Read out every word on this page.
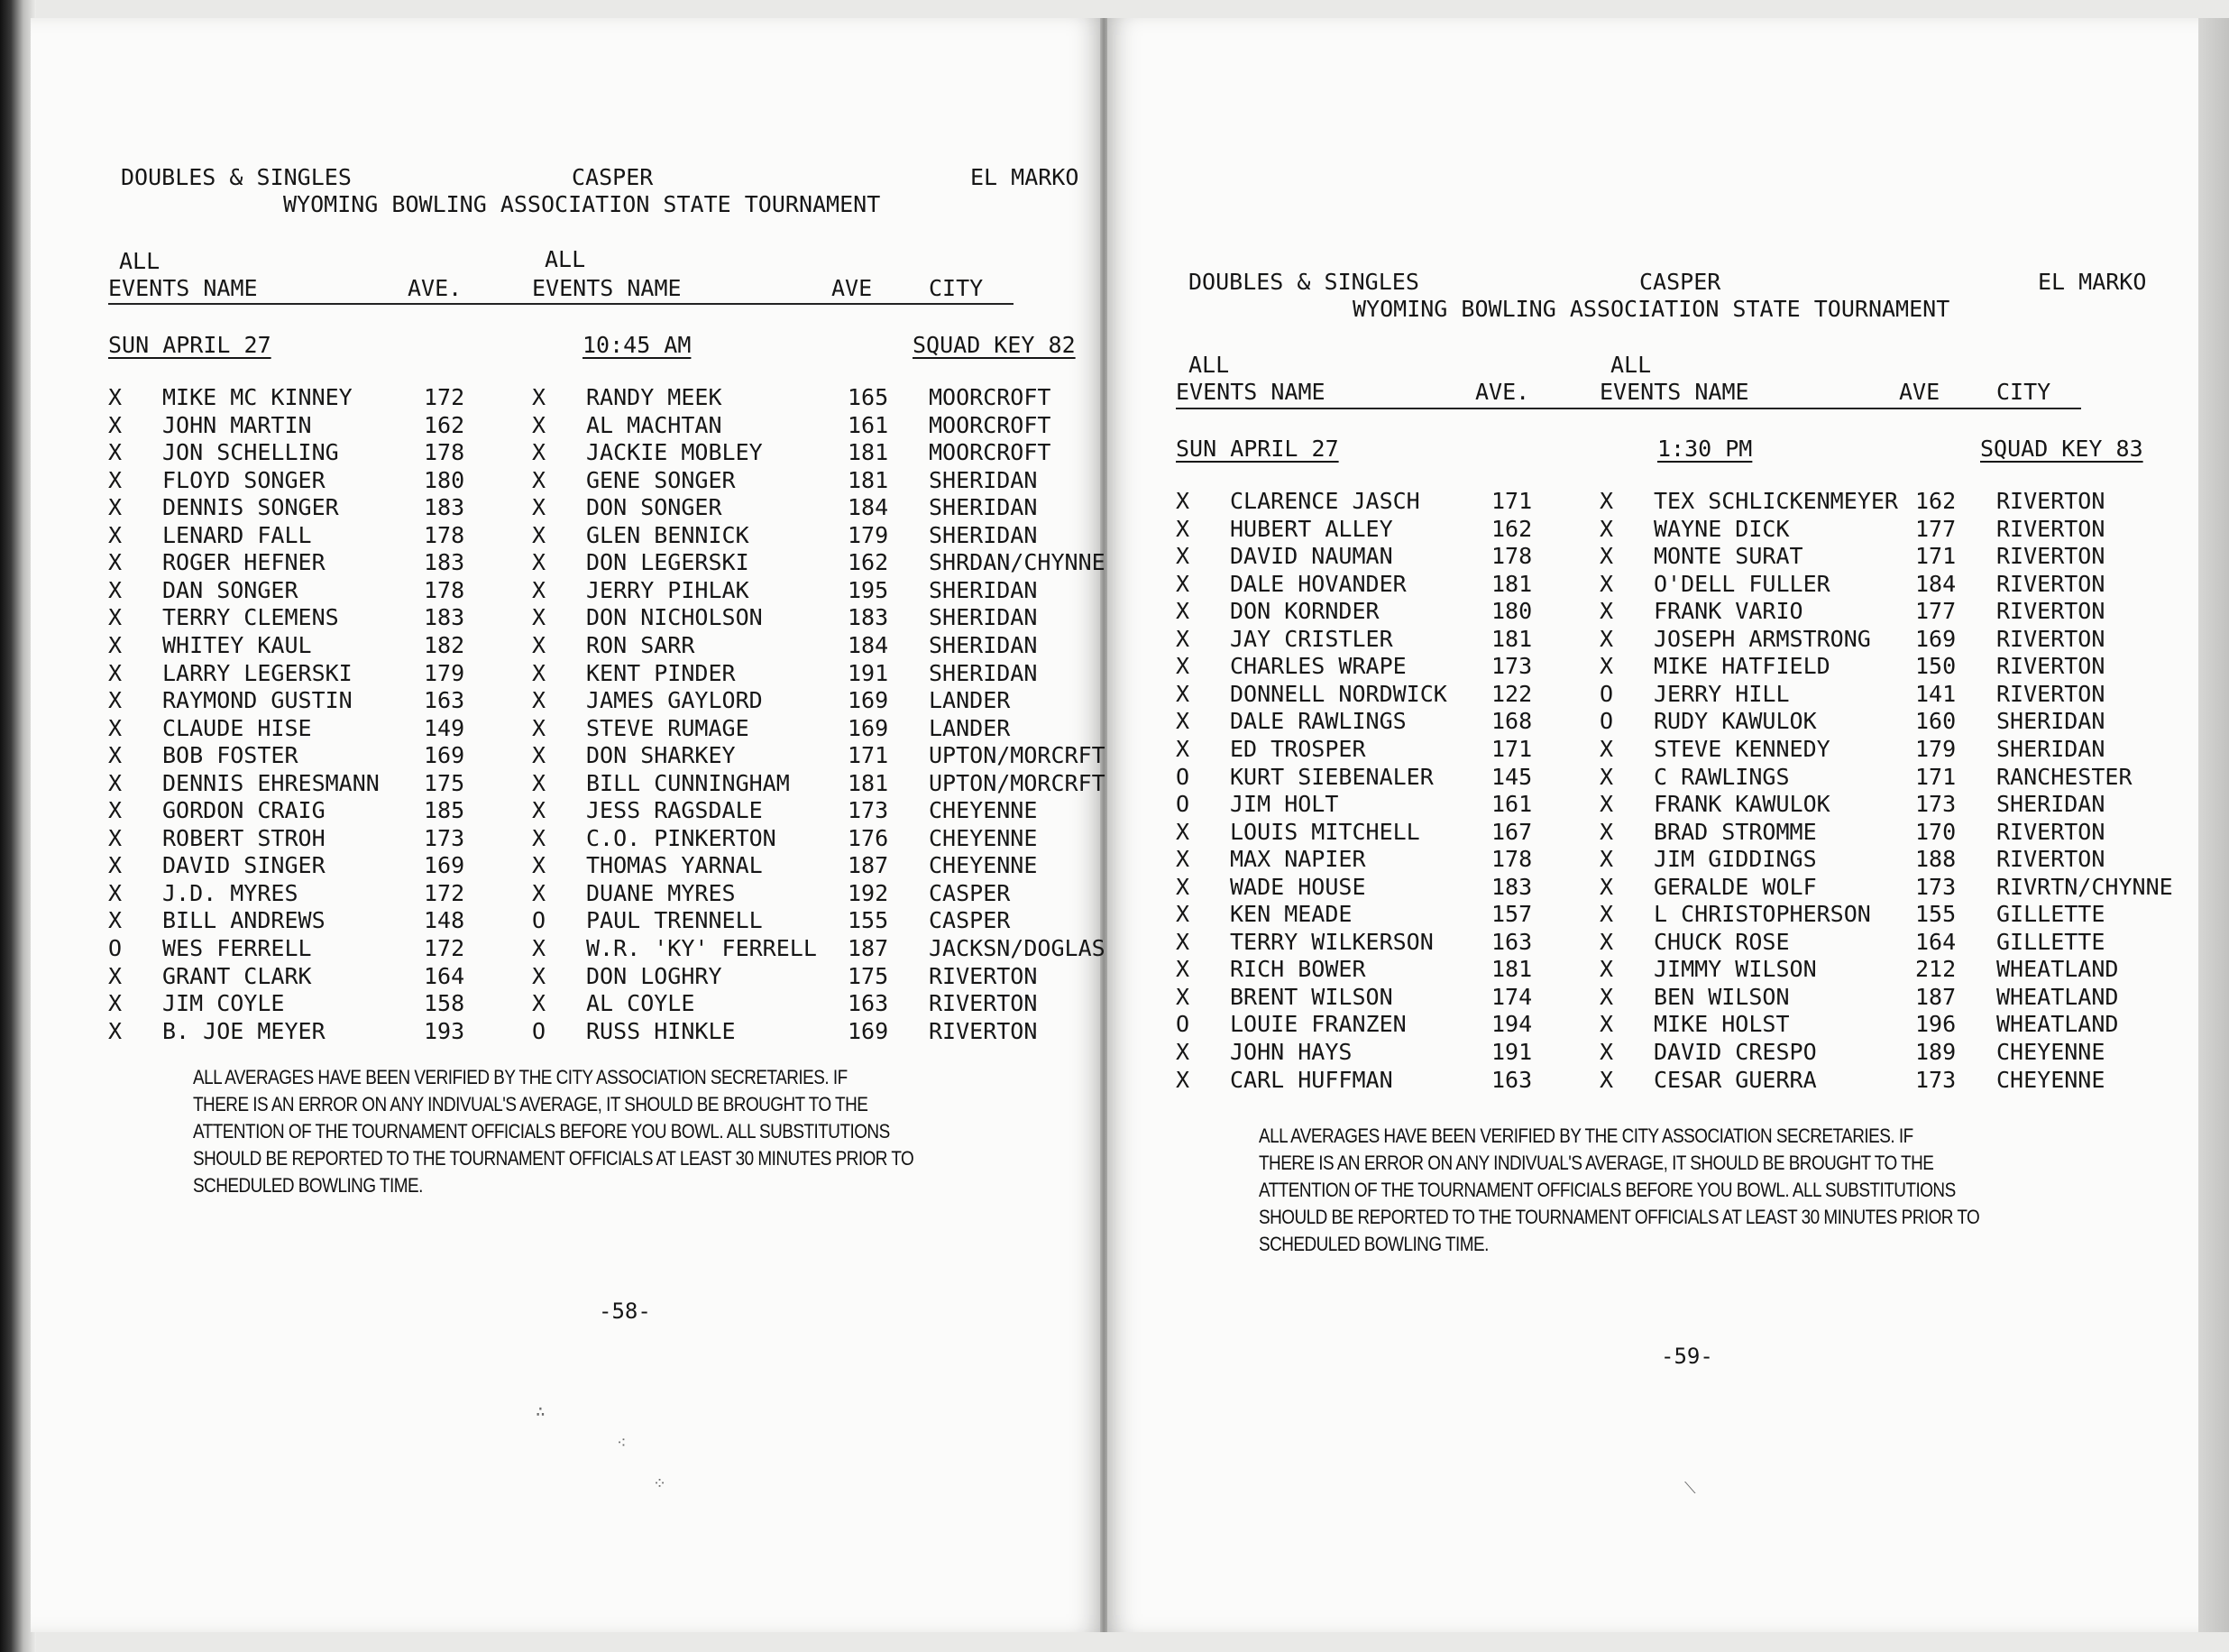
DOUBLES & SINGLES	CASPER	EL MARKO
WYOMING BOWLING ASSOCIATION STATE TOURNAMENT
ALL	ALL
EVENTS NAME	AVE.	EVENTS NAME	AVE	CITY
SUN APRIL 27	10:45 AM	SQUAD KEY 82
X MIKE MC KINNEY	172	X RANDY MEEK	165 MOORCROFT
X JOHN MARTIN	162	X AL MACHTAN	161 MOORCROFT
X JON SCHELLING	178	X JACKIE MOBLEY	181 MOORCROFT
X FLOYD SONGER	180	X GENE SONGER	181 SHERIDAN
X DENNIS SONGER	183	X DON SONGER	184 SHERIDAN
X LENARD FALL	178	X GLEN BENNICK	179 SHERIDAN
X ROGER HEFNER	183	X DON LEGERSKI	162 SHRDAN/CHYNNE
X DAN SONGER	178	X JERRY PIHLAK	195 SHERIDAN
X TERRY CLEMENS	183	X DON NICHOLSON	183 SHERIDAN
X WHITEY KAUL	182	X RON SARR	184 SHERIDAN
X LARRY LEGERSKI	179	X KENT PINDER	191 SHERIDAN
X RAYMOND GUSTIN	163	X JAMES GAYLORD	169 LANDER
X CLAUDE HISE	149	X STEVE RUMAGE	169 LANDER
X BOB FOSTER	169	X DON SHARKEY	171 UPTON/MORCRFT
X DENNIS EHRESMANN 175	X BILL CUNNINGHAM	181 UPTON/MORCRFT
X GORDON CRAIG	185	X JESS RAGSDALE	173 CHEYENNE
X ROBERT STROH	173	X C.O. PINKERTON	176 CHEYENNE
X DAVID SINGER	169	X THOMAS YARNAL	187 CHEYENNE
X J.D. MYRES	172	X DUANE MYRES	192 CASPER
X BILL ANDREWS	148	O PAUL TRENNELL	155 CASPER
O WES FERRELL	172	X W.R. 'KY' FERRELL 187 JACKSN/DOGLAS
X GRANT CLARK	164	X DON LOGHRY	175 RIVERTON
X JIM COYLE	158	X AL COYLE	163 RIVERTON
X B. JOE MEYER	193	O RUSS HINKLE	169 RIVERTON
ALL AVERAGES HAVE BEEN VERIFIED BY THE CITY ASSOCIATION SECRETARIES. IF
THERE IS AN ERROR ON ANY INDIVUAL'S AVERAGE, IT SHOULD BE BROUGHT TO THE
ATTENTION OF THE TOURNAMENT OFFICIALS BEFORE YOU BOWL. ALL SUBSTITUTIONS
SHOULD BE REPORTED TO THE TOURNAMENT OFFICIALS AT LEAST 30 MINUTES PRIOR TO
SCHEDULED BOWLING TIME.
-58-
∴
⁖
⁘
DOUBLES & SINGLES	CASPER	EL MARKO
WYOMING BOWLING ASSOCIATION STATE TOURNAMENT
ALL	ALL
EVENTS NAME	AVE.	EVENTS NAME	AVE	CITY
SUN APRIL 27	1:30 PM	SQUAD KEY 83
X CLARENCE JASCH	171	X TEX SCHLICKENMEYER 162 RIVERTON
X HUBERT ALLEY	162	X WAYNE DICK	177 RIVERTON
X DAVID NAUMAN	178	X MONTE SURAT	171 RIVERTON
X DALE HOVANDER	181	X O'DELL FULLER	184 RIVERTON
X DON KORNDER	180	X FRANK VARIO	177 RIVERTON
X JAY CRISTLER	181	X JOSEPH ARMSTRONG 169 RIVERTON
X CHARLES WRAPE	173	X MIKE HATFIELD	150 RIVERTON
X DONNELL NORDWICK 122	O JERRY HILL	141 RIVERTON
X DALE RAWLINGS	168	O RUDY KAWULOK	160 SHERIDAN
X ED TROSPER	171	X STEVE KENNEDY	179 SHERIDAN
O KURT SIEBENALER	145	X C RAWLINGS	171 RANCHESTER
O JIM HOLT	161	X FRANK KAWULOK	173 SHERIDAN
X LOUIS MITCHELL	167	X BRAD STROMME	170 RIVERTON
X MAX NAPIER	178	X JIM GIDDINGS	188 RIVERTON
X WADE HOUSE	183	X GERALDE WOLF	173 RIVRTN/CHYNNE
X KEN MEADE	157	X L CHRISTOPHERSON 155 GILLETTE
X TERRY WILKERSON	163	X CHUCK ROSE	164 GILLETTE
X RICH BOWER	181	X JIMMY WILSON	212 WHEATLAND
X BRENT WILSON	174	X BEN WILSON	187 WHEATLAND
O LOUIE FRANZEN	194	X MIKE HOLST	196 WHEATLAND
X JOHN HAYS	191	X DAVID CRESPO	189 CHEYENNE
X CARL HUFFMAN	163	X CESAR GUERRA	173 CHEYENNE
ALL AVERAGES HAVE BEEN VERIFIED BY THE CITY ASSOCIATION SECRETARIES. IF
THERE IS AN ERROR ON ANY INDIVUAL'S AVERAGE, IT SHOULD BE BROUGHT TO THE
ATTENTION OF THE TOURNAMENT OFFICIALS BEFORE YOU BOWL. ALL SUBSTITUTIONS
SHOULD BE REPORTED TO THE TOURNAMENT OFFICIALS AT LEAST 30 MINUTES PRIOR TO
SCHEDULED BOWLING TIME.
-59-
⟍
